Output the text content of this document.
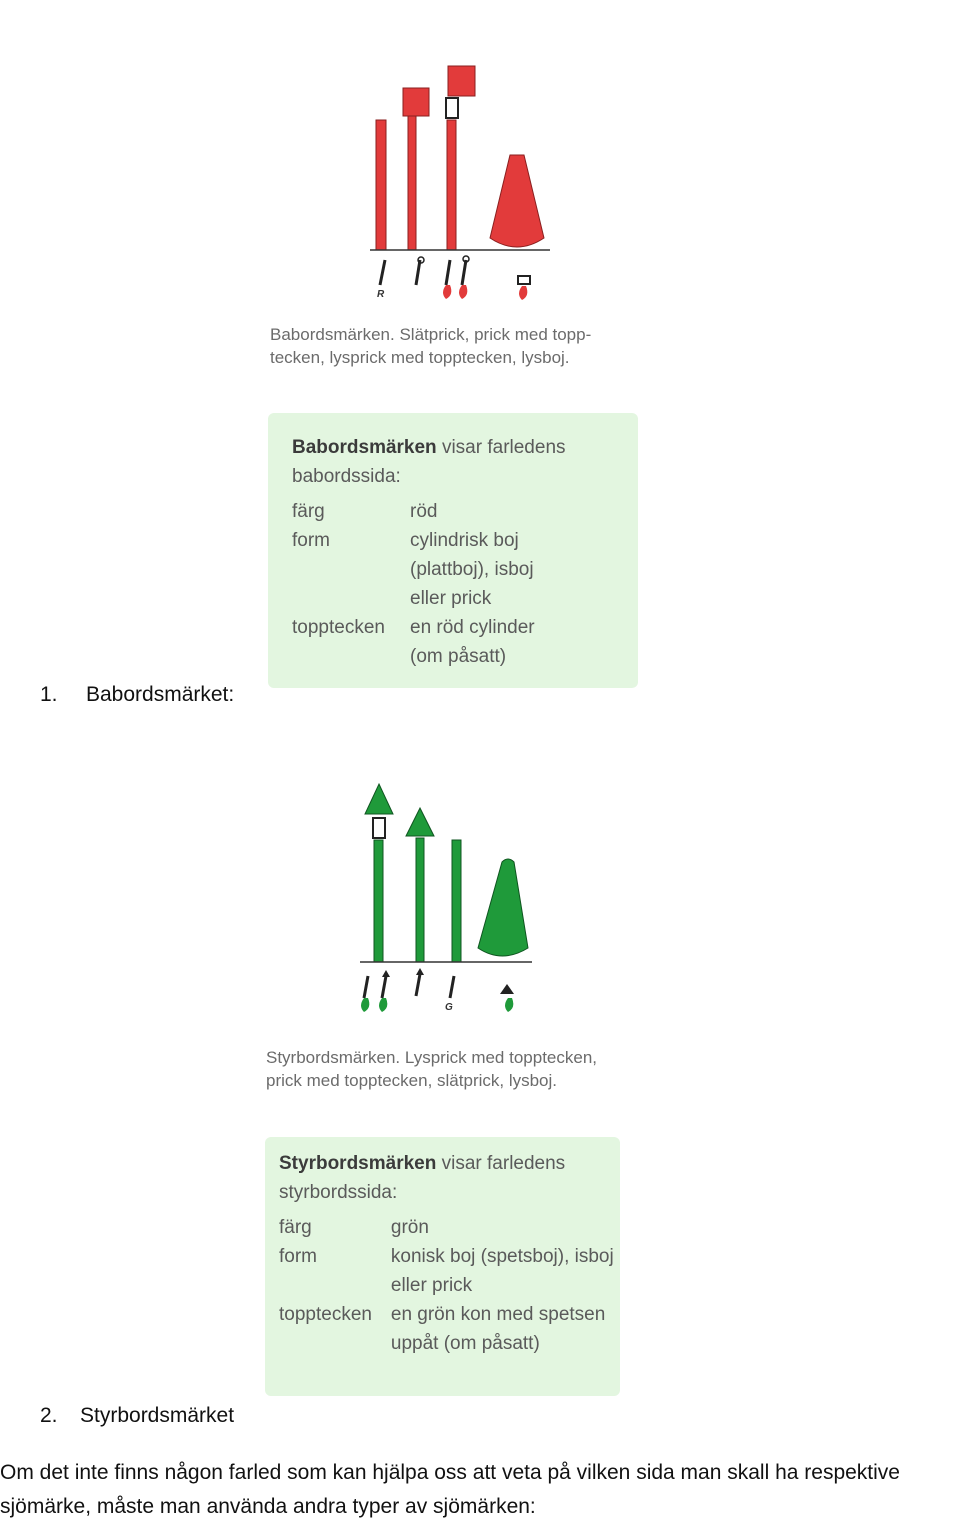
R
Babordsmärken. Slätprick, prick med topp-tecken, lysprick med topptecken, lysboj.
Babordsmärken visar farledens babordssida:
färg	röd
form	cylindrisk boj (plattboj), isboj eller prick
topptecken	en röd cylinder (om påsatt)
1. Babordsmärket:
G
Styrbordsmärken. Lysprick med topptecken, prick med topptecken, slätprick, lysboj.
Styrbordsmärken visar farledens styrbordssida:
färg	grön
form	konisk boj (spetsboj), isboj eller prick
topptecken	en grön kon med spetsen uppåt (om påsatt)
2. Styrbordsmärket
Om det inte finns någon farled som kan hjälpa oss att veta på vilken sida man skall ha respektive sjömärke, måste man använda andra typer av sjömärken:
